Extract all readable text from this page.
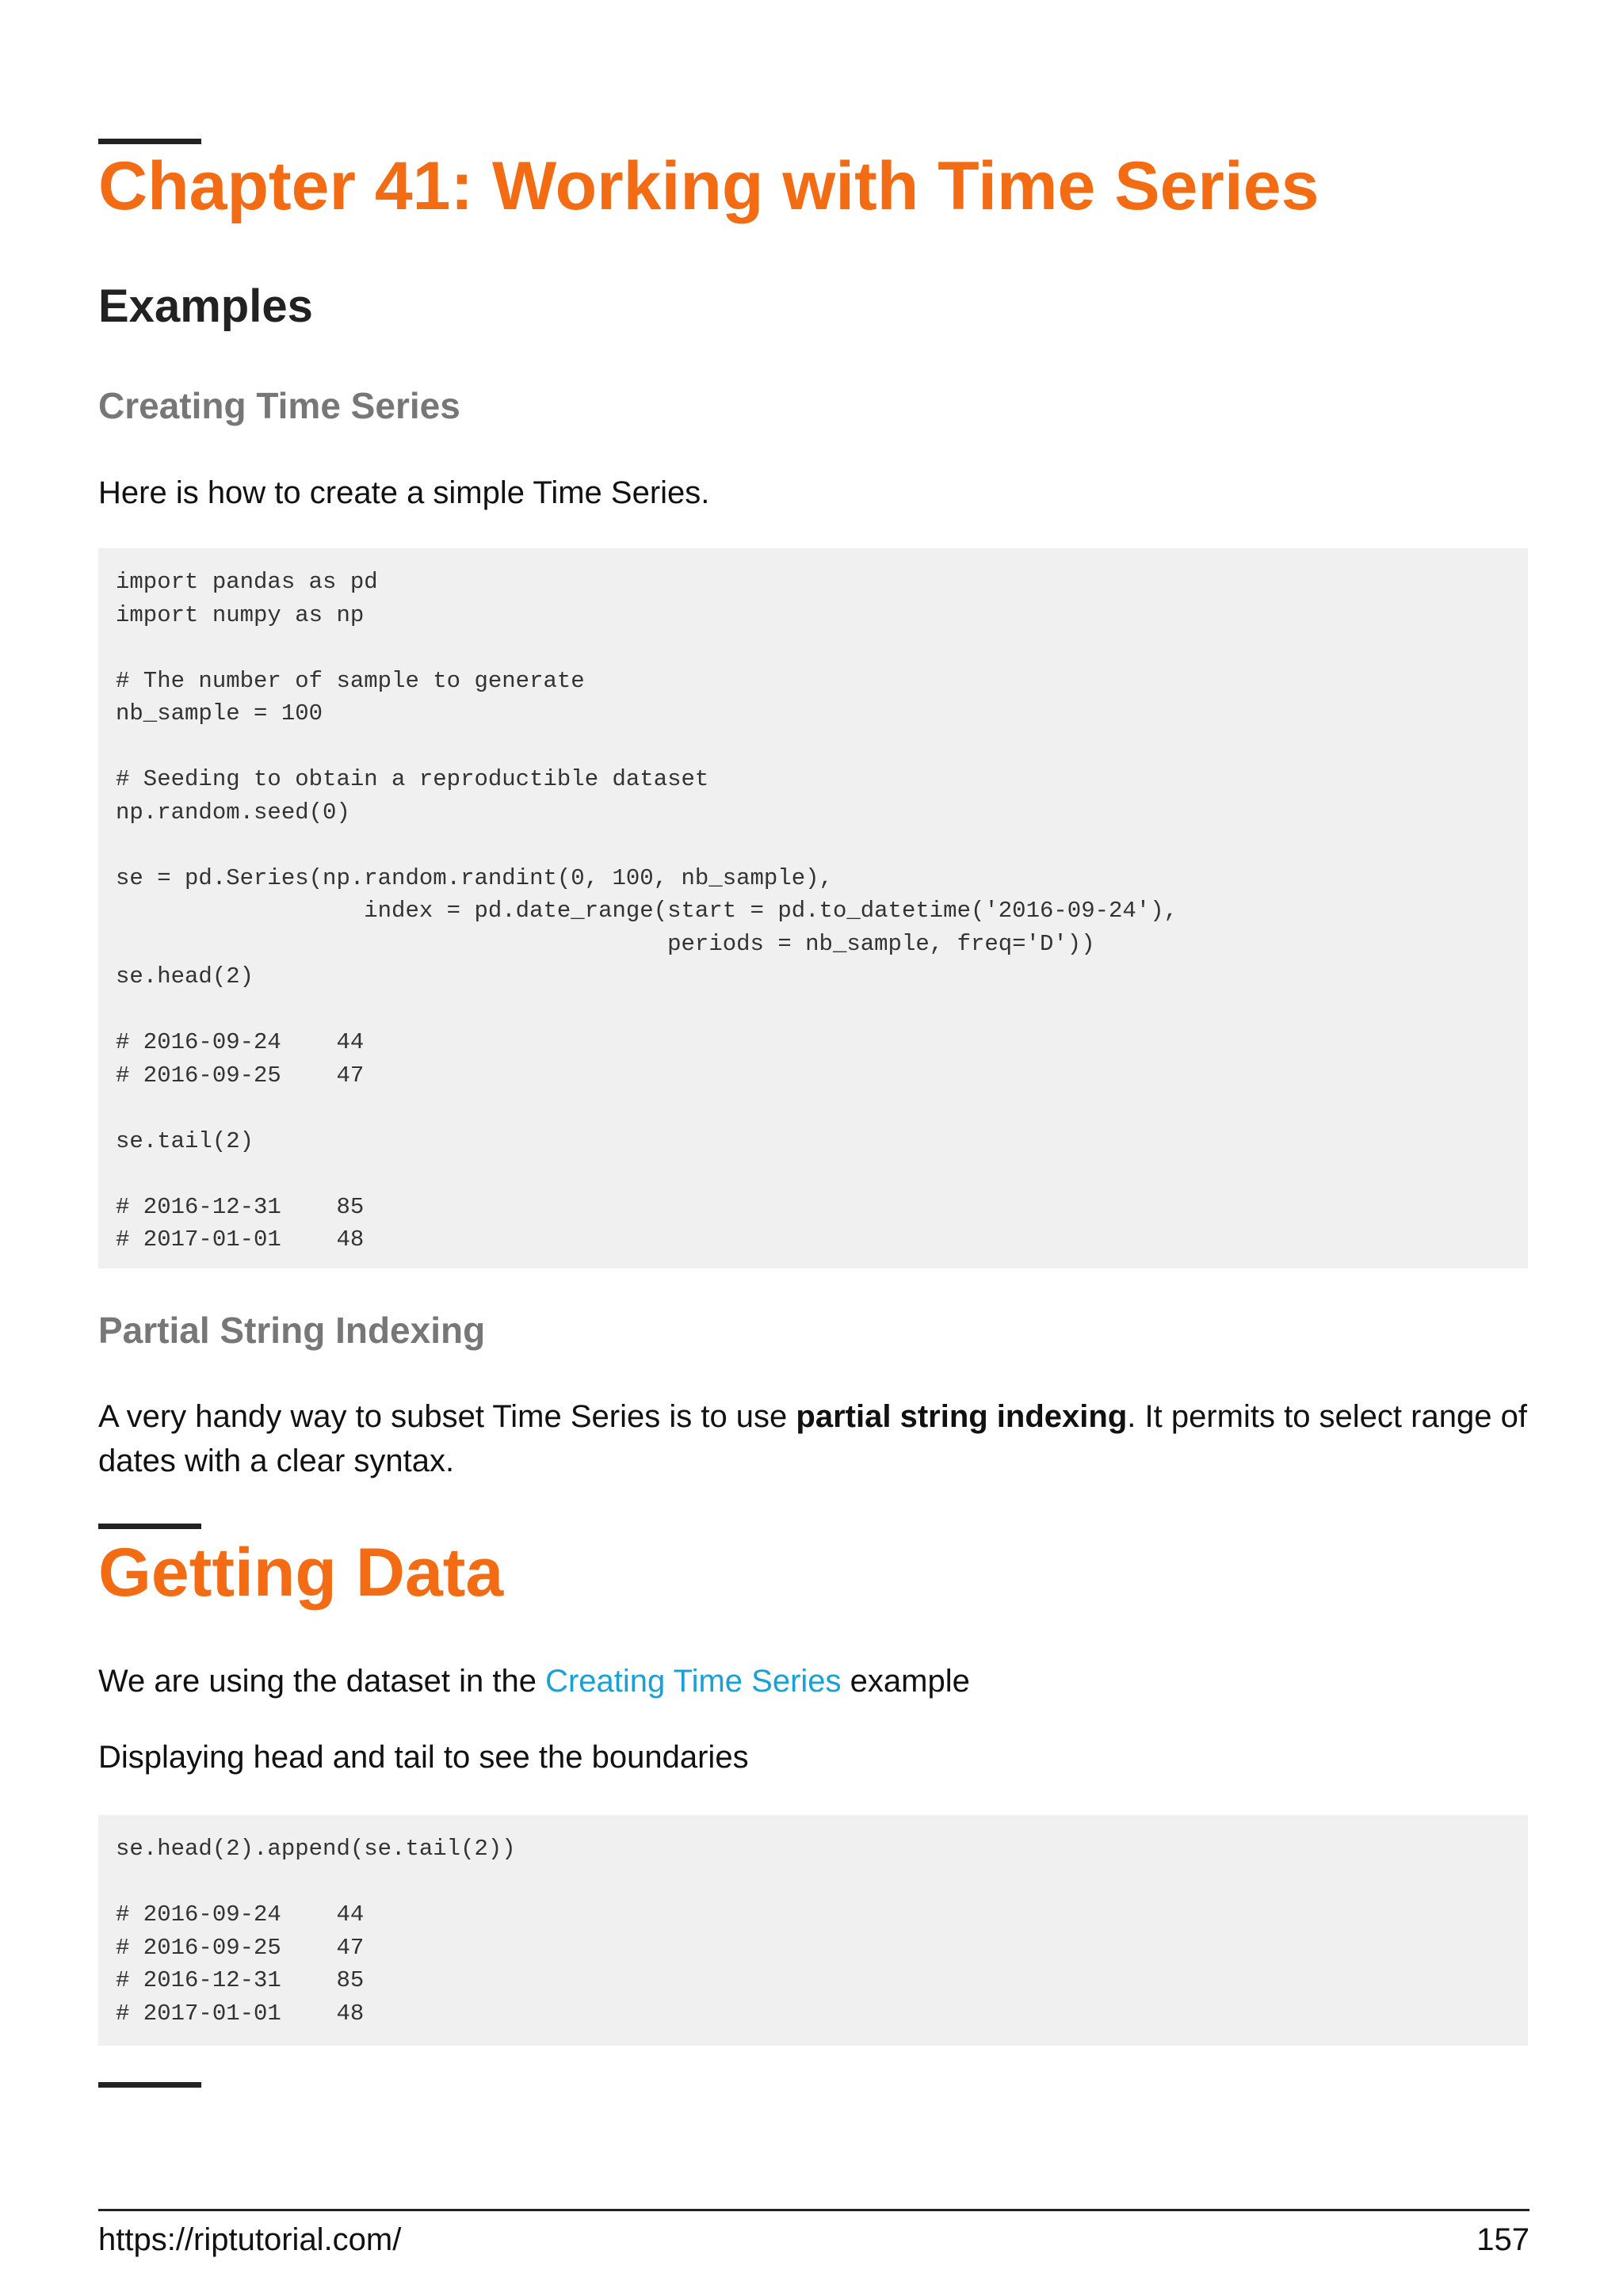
Chapter 41: Working with Time Series
Examples
Creating Time Series

Here is how to create a simple Time Series.

import pandas as pd
import numpy as np

# The number of sample to generate
nb_sample = 100

# Seeding to obtain a reproductible dataset
np.random.seed(0)

se = pd.Series(np.random.randint(0, 100, nb_sample),
index = pd.date_range(start = pd.to_datetime('2016-09-24'),
periods = nb_sample, freq='D'))
se.head(2)

# 2016-09-24    44
# 2016-09-25    47

se.tail(2)

# 2016-12-31    85
# 2017-01-01    48
Partial String Indexing

A very handy way to subset Time Series is to use partial string indexing. It permits to select range of dates with a clear syntax.

Getting Data

We are using the dataset in the Creating Time Series example

Displaying head and tail to see the boundaries

se.head(2).append(se.tail(2))

# 2016-09-24    44
# 2016-09-25    47
# 2016-12-31    85
# 2017-01-01    48
https://riptutorial.com/	157
